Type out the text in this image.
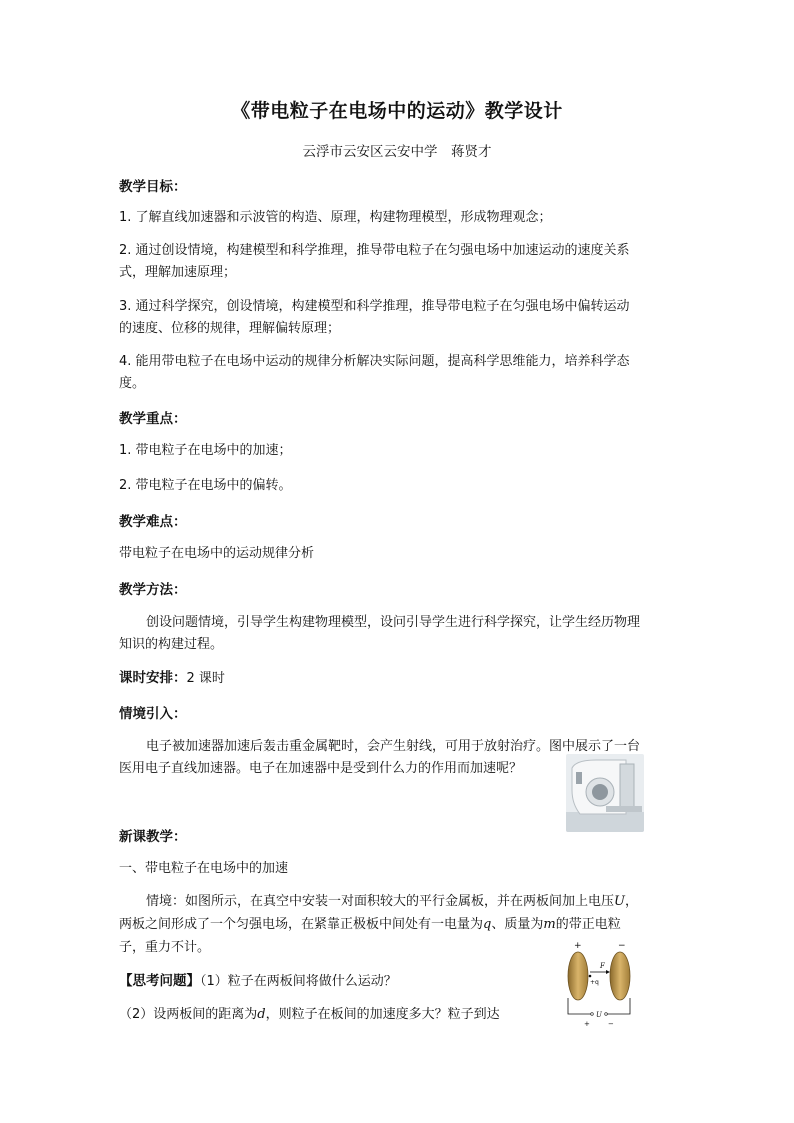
《带电粒子在电场中的运动》教学设计
云浮市云安区云安中学　蒋贤才
教学目标：
1. 了解直线加速器和示波管的构造、原理，构建物理模型，形成物理观念；
2. 通过创设情境，构建模型和科学推理，推导带电粒子在匀强电场中加速运动的速度关系
式，理解加速原理；
3. 通过科学探究，创设情境，构建模型和科学推理，推导带电粒子在匀强电场中偏转运动
的速度、位移的规律，理解偏转原理；
4. 能用带电粒子在电场中运动的规律分析解决实际问题，提高科学思维能力，培养科学态
度。
教学重点：
1. 带电粒子在电场中的加速；
2. 带电粒子在电场中的偏转。
教学难点：
带电粒子在电场中的运动规律分析
教学方法：
创设问题情境，引导学生构建物理模型，设问引导学生进行科学探究，让学生经历物理
知识的构建过程。
课时安排：2 课时
情境引入：
电子被加速器加速后轰击重金属靶时，会产生射线，可用于放射治疗。图中展示了一台
医用电子直线加速器。电子在加速器中是受到什么力的作用而加速呢？
新课教学：
一、带电粒子在电场中的加速
情境：如图所示，在真空中安装一对面积较大的平行金属板，并在两板间加上电压U，
两板之间形成了一个匀强电场，在紧靠正极板中间处有一电量为q、质量为m的带正电粒
子，重力不计。
【思考问题】（1）粒子在两板间将做什么运动？
（2）设两板间的距离为d，则粒子在板间的加速度多大？粒子到达
+	−
F
+q
U
+	−
